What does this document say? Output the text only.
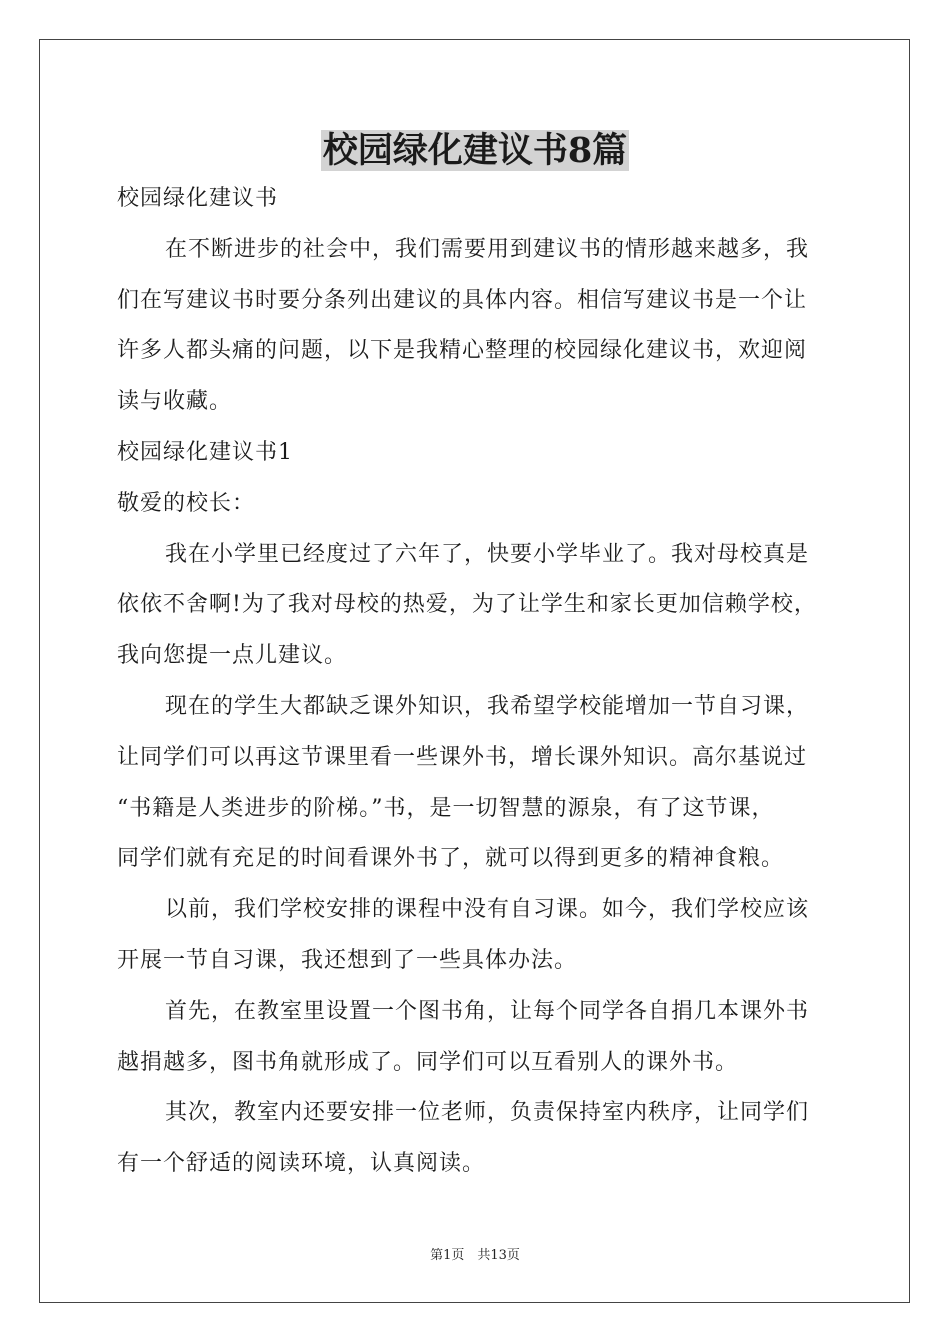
校园绿化建议书8篇
校园绿化建议书
在不断进步的社会中，我们需要用到建议书的情形越来越多，我
们在写建议书时要分条列出建议的具体内容。相信写建议书是一个让
许多人都头痛的问题，以下是我精心整理的校园绿化建议书，欢迎阅
读与收藏。
校园绿化建议书1
敬爱的校长：
我在小学里已经度过了六年了，快要小学毕业了。我对母校真是
依依不舍啊!为了我对母校的热爱，为了让学生和家长更加信赖学校，
我向您提一点儿建议。
现在的学生大都缺乏课外知识，我希望学校能增加一节自习课，
让同学们可以再这节课里看一些课外书，增长课外知识。高尔基说过
“书籍是人类进步的阶梯。”书，是一切智慧的源泉，有了这节课，
同学们就有充足的时间看课外书了，就可以得到更多的精神食粮。
以前，我们学校安排的课程中没有自习课。如今，我们学校应该
开展一节自习课，我还想到了一些具体办法。
首先，在教室里设置一个图书角，让每个同学各自捐几本课外书
越捐越多，图书角就形成了。同学们可以互看别人的课外书。
其次，教室内还要安排一位老师，负责保持室内秩序，让同学们
有一个舒适的阅读环境，认真阅读。
第1页　共13页
